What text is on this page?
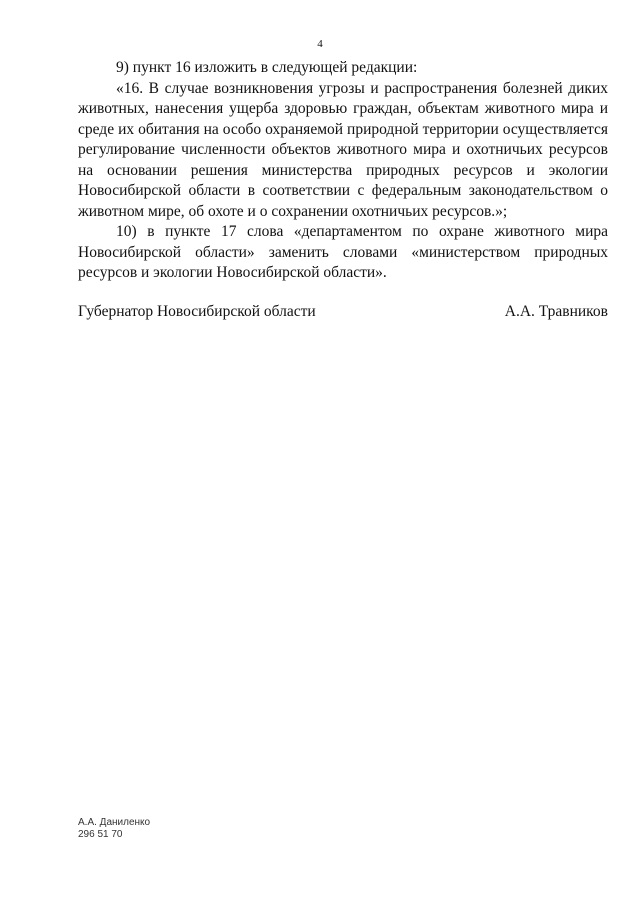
4

9) пункт 16 изложить в следующей редакции:

«16. В случае возникновения угрозы и распространения болезней диких животных, нанесения ущерба здоровью граждан, объектам животного мира и среде их обитания на особо охраняемой природной территории осуществляется регулирование численности объектов животного мира и охотничьих ресурсов на основании решения министерства природных ресурсов и экологии Новосибирской области в соответствии с федеральным законодательством о животном мире, об охоте и о сохранении охотничьих ресурсов.»;

10) в пункте 17 слова «департаментом по охране животного мира Новосибирской области» заменить словами «министерством природных ресурсов и экологии Новосибирской области».

Губернатор Новосибирской области	А.А. Травников
А.А. Даниленко
296 51 70
